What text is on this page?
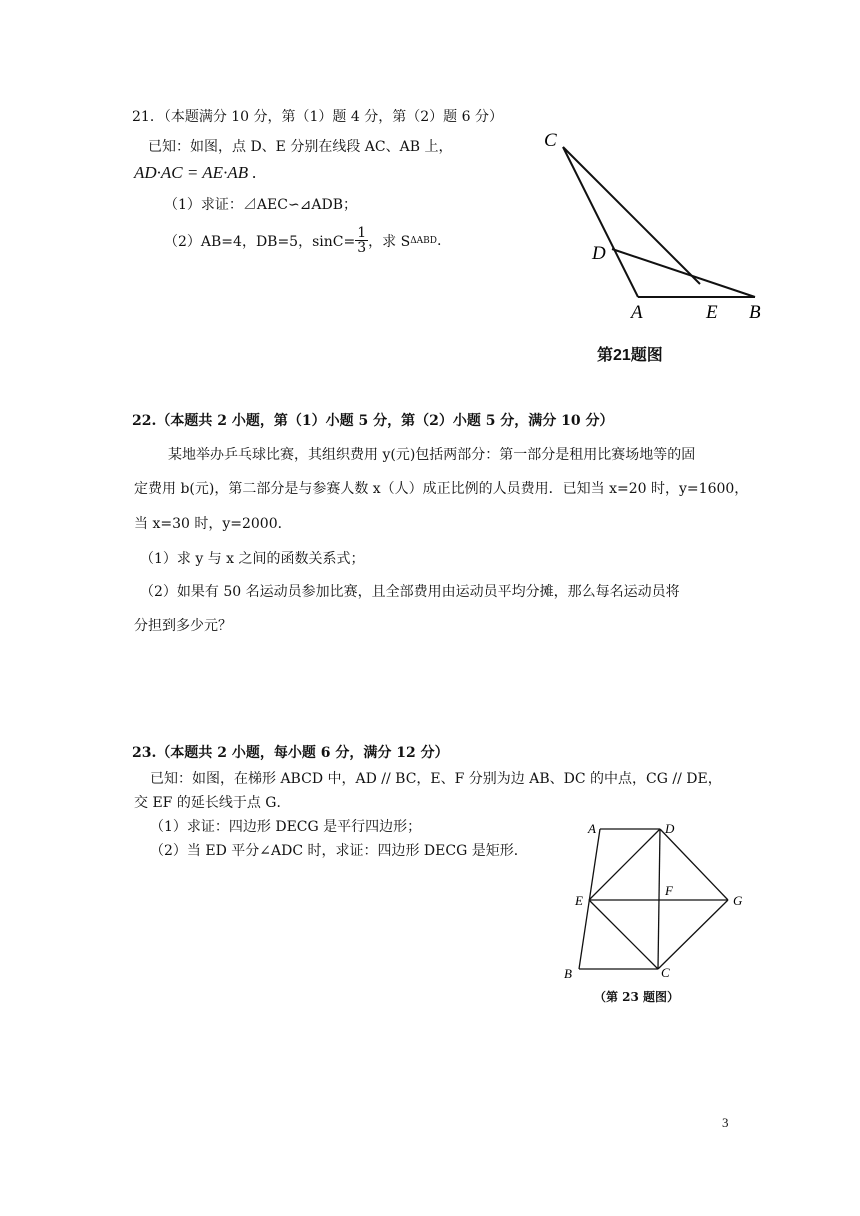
21．（本题满分 10 分，第（1）题 4 分，第（2）题 6 分）
已知：如图，点 D、E 分别在线段 AC、AB 上，
AD·AC = AE·AB .
（1）求证：⊿AEC∽⊿ADB；
（2）AB=4，DB=5，$\sin C= \frac{1}{3}$ ，求 S ΔABD .
C
D
A	E B
第21题图
22.（本题共 2 小题，第（1）小题 5 分，第（2）小题 5 分，满分 10 分）
某地举办乒乓球比赛，其组织费用 y(元)包括两部分：第一部分是租用比赛场地等的固
定费用 b(元)，第二部分是与参赛人数 x（人）成正比例的人员费用．已知当 x=20 时，y=1600，
当 x=30 时，y=2000．
（1）求 y 与 x 之间的函数关系式；
（2）如果有 50 名运动员参加比赛，且全部费用由运动员平均分摊，那么每名运动员将
分担到多少元？
23.（本题共 2 小题，每小题 6 分，满分 12 分）
已知：如图，在梯形 ABCD 中，AD // BC，E、F 分别为边 AB、DC 的中点，CG // DE，
交 EF 的延长线于点 G．
（1）求证：四边形 DECG 是平行四边形；
（2）当 ED 平分∠ADC 时，求证：四边形 DECG 是矩形．
A	D
E
F
G
B	C
（第 23 题图）
3
